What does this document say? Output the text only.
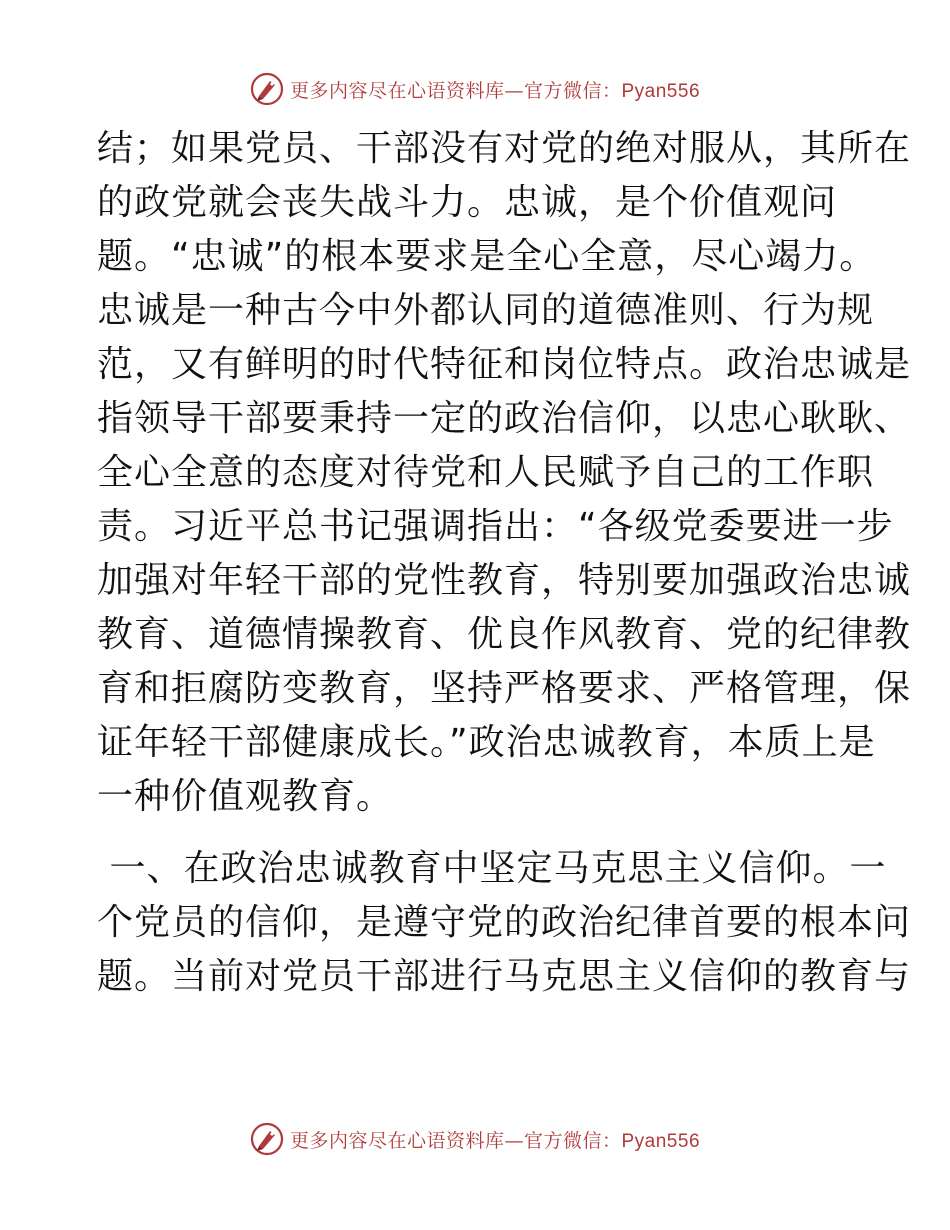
更多内容尽在心语资料库—官方微信：Pyan556
结；如果党员、干部没有对党的绝对服从，其所在
的政党就会丧失战斗力。忠诚，是个价值观问
题。“忠诚”的根本要求是全心全意，尽心竭力。
忠诚是一种古今中外都认同的道德准则、行为规
范，又有鲜明的时代特征和岗位特点。政治忠诚是
指领导干部要秉持一定的政治信仰，以忠心耿耿、
全心全意的态度对待党和人民赋予自己的工作职
责。习近平总书记强调指出：“各级党委要进一步
加强对年轻干部的党性教育，特别要加强政治忠诚
教育、道德情操教育、优良作风教育、党的纪律教
育和拒腐防变教育，坚持严格要求、严格管理，保
证年轻干部健康成长。”政治忠诚教育，本质上是
一种价值观教育。
一、在政治忠诚教育中坚定马克思主义信仰。一
个党员的信仰，是遵守党的政治纪律首要的根本问
题。当前对党员干部进行马克思主义信仰的教育与
更多内容尽在心语资料库—官方微信：Pyan556
